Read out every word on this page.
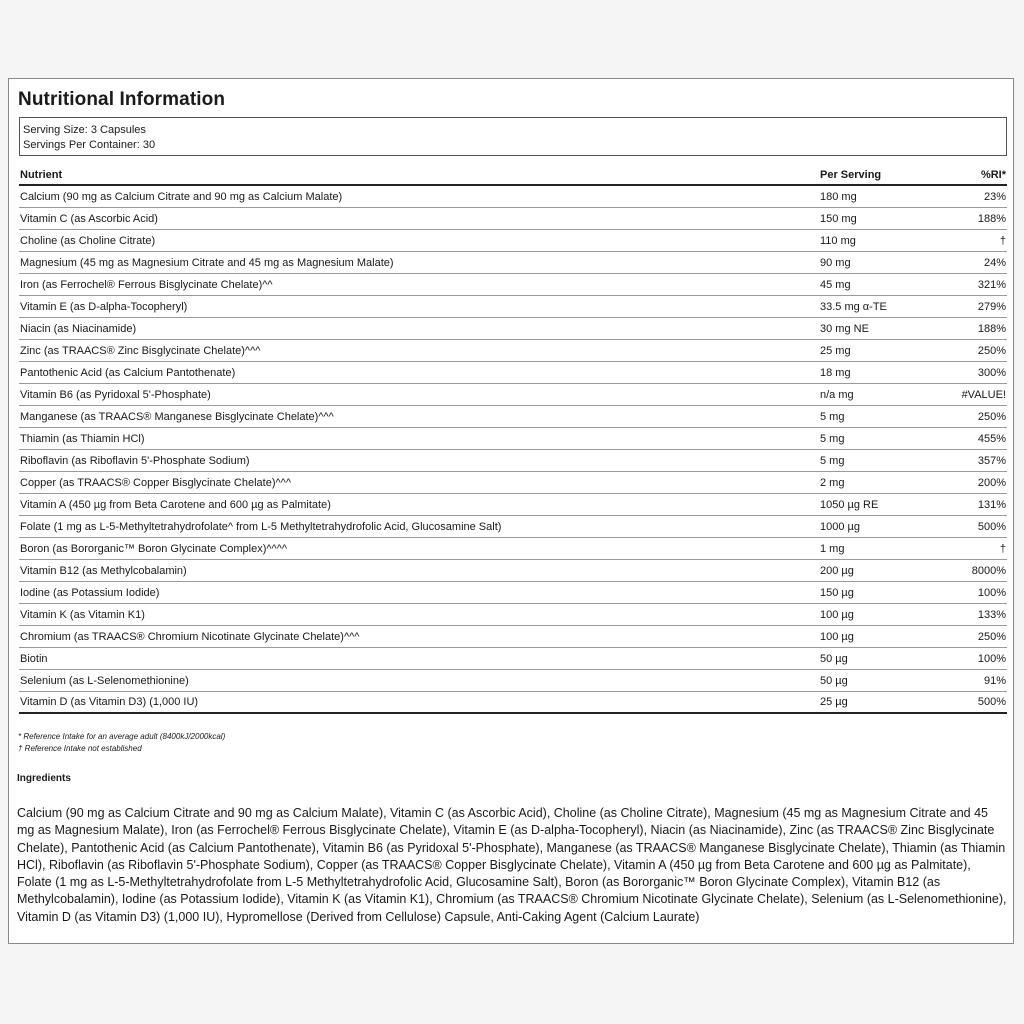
Nutritional Information
Serving Size: 3 Capsules
Servings Per Container: 30
Nutrient	Per Serving	%RI*
Calcium (90 mg as Calcium Citrate and 90 mg as Calcium Malate)	180 mg	23%
Vitamin C (as Ascorbic Acid)	150 mg	188%
Choline (as Choline Citrate)	110 mg	†
Magnesium (45 mg as Magnesium Citrate and 45 mg as Magnesium Malate)	90 mg	24%
Iron (as Ferrochel® Ferrous Bisglycinate Chelate)^^	45 mg	321%
Vitamin E (as D-alpha-Tocopheryl)	33.5 mg α-TE	279%
Niacin (as Niacinamide)	30 mg NE	188%
Zinc (as TRAACS® Zinc Bisglycinate Chelate)^^^	25 mg	250%
Pantothenic Acid (as Calcium Pantothenate)	18 mg	300%
Vitamin B6 (as Pyridoxal 5'-Phosphate)	n/a mg	#VALUE!
Manganese (as TRAACS® Manganese Bisglycinate Chelate)^^^	5 mg	250%
Thiamin (as Thiamin HCl)	5 mg	455%
Riboflavin (as Riboflavin 5'-Phosphate Sodium)	5 mg	357%
Copper (as TRAACS® Copper Bisglycinate Chelate)^^^	2 mg	200%
Vitamin A (450 µg from Beta Carotene and 600 µg as Palmitate)	1050 µg RE	131%
Folate (1 mg as L-5-Methyltetrahydrofolate^ from L-5 Methyltetrahydrofolic Acid, Glucosamine Salt)	1000 µg	500%
Boron (as Bororganic™ Boron Glycinate Complex)^^^^	1 mg	†
Vitamin B12 (as Methylcobalamin)	200 µg	8000%
Iodine (as Potassium Iodide)	150 µg	100%
Vitamin K (as Vitamin K1)	100 µg	133%
Chromium (as TRAACS® Chromium Nicotinate Glycinate Chelate)^^^	100 µg	250%
Biotin	50 µg	100%
Selenium (as L-Selenomethionine)	50 µg	91%
Vitamin D (as Vitamin D3) (1,000 IU)	25 µg	500%
* Reference Intake for an average adult (8400kJ/2000kcal)
† Reference Intake not established
Ingredients
Calcium (90 mg as Calcium Citrate and 90 mg as Calcium Malate), Vitamin C (as Ascorbic Acid), Choline (as Choline Citrate), Magnesium (45 mg as Magnesium Citrate and 45 mg as Magnesium Malate), Iron (as Ferrochel® Ferrous Bisglycinate Chelate), Vitamin E (as D-alpha-Tocopheryl), Niacin (as Niacinamide), Zinc (as TRAACS® Zinc Bisglycinate Chelate), Pantothenic Acid (as Calcium Pantothenate), Vitamin B6 (as Pyridoxal 5'-Phosphate), Manganese (as TRAACS® Manganese Bisglycinate Chelate), Thiamin (as Thiamin HCl), Riboflavin (as Riboflavin 5'-Phosphate Sodium), Copper (as TRAACS® Copper Bisglycinate Chelate), Vitamin A (450 µg from Beta Carotene and 600 µg as Palmitate), Folate (1 mg as L-5-Methyltetrahydrofolate from L-5 Methyltetrahydrofolic Acid, Glucosamine Salt), Boron (as Bororganic™ Boron Glycinate Complex), Vitamin B12 (as Methylcobalamin), Iodine (as Potassium Iodide), Vitamin K (as Vitamin K1), Chromium (as TRAACS® Chromium Nicotinate Glycinate Chelate), Selenium (as L-Selenomethionine), Vitamin D (as Vitamin D3) (1,000 IU), Hypromellose (Derived from Cellulose) Capsule, Anti-Caking Agent (Calcium Laurate)
